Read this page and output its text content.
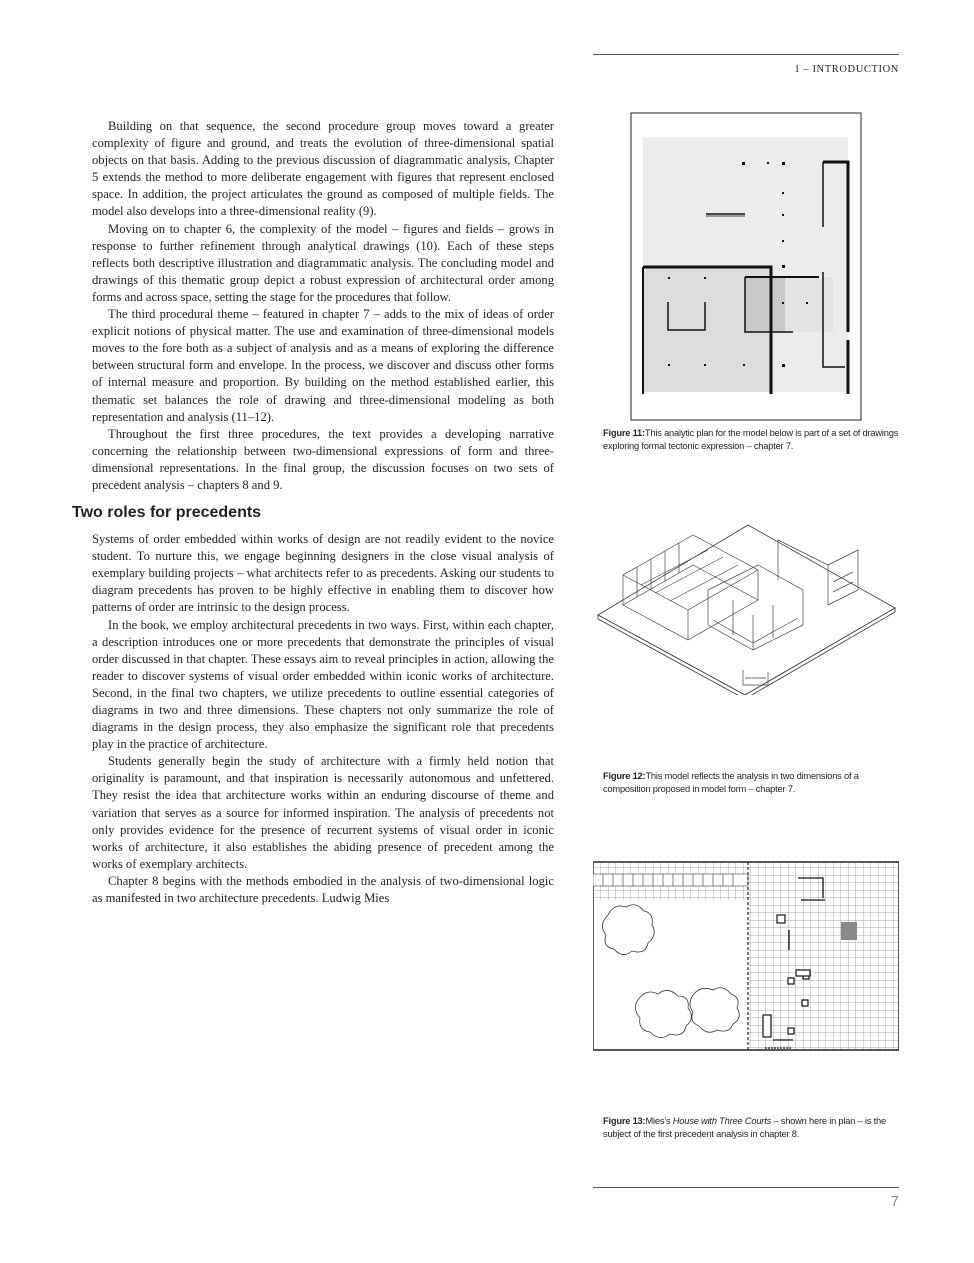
1 – INTRODUCTION

Building on that sequence, the second procedure group moves toward a greater complexity of figure and ground, and treats the evolution of three-dimensional spatial objects on that basis. Adding to the previous discussion of diagrammatic analysis, Chapter 5 extends the method to more deliberate engagement with figures that represent enclosed space. In addition, the project articulates the ground as composed of multiple fields. The model also develops into a three-dimensional reality (9).

Moving on to chapter 6, the complexity of the model – figures and fields – grows in response to further refinement through analytical drawings (10). Each of these steps reflects both descriptive illustration and diagrammatic analysis. The concluding model and drawings of this thematic group depict a robust expression of architectural order among forms and across space, setting the stage for the procedures that follow.

The third procedural theme – featured in chapter 7 – adds to the mix of ideas of order explicit notions of physical matter. The use and examination of three-dimensional models moves to the fore both as a subject of analysis and as a means of exploring the difference between structural form and envelope. In the process, we discover and discuss other forms of internal measure and proportion. By building on the method established earlier, this thematic set balances the role of drawing and three-dimensional modeling as both representation and analysis (11–12).

Throughout the first three procedures, the text provides a developing narrative concerning the relationship between two-dimensional expressions of form and three-dimensional representations. In the final group, the discussion focuses on two sets of precedent analysis – chapters 8 and 9.

Two roles for precedents

Systems of order embedded within works of design are not readily evident to the novice student. To nurture this, we engage beginning designers in the close visual analysis of exemplary building projects – what architects refer to as precedents. Asking our students to diagram precedents has proven to be highly effective in enabling them to discover how patterns of order are intrinsic to the design process.

In the book, we employ architectural precedents in two ways. First, within each chapter, a description introduces one or more precedents that demonstrate the principles of visual order discussed in that chapter. These essays aim to reveal principles in action, allowing the reader to discover systems of visual order embedded within iconic works of architecture. Second, in the final two chapters, we utilize precedents to outline essential categories of diagrams in two and three dimensions. These chapters not only summarize the role of diagrams in the design process, they also emphasize the significant role that precedents play in the practice of architecture.

Students generally begin the study of architecture with a firmly held notion that originality is paramount, and that inspiration is necessarily autonomous and unfettered. They resist the idea that architecture works within an enduring discourse of theme and variation that serves as a source for informed inspiration. The analysis of precedents not only provides evidence for the presence of recurrent systems of visual order in iconic works of architecture, it also establishes the abiding presence of precedent among the works of exemplary architects.

Chapter 8 begins with the methods embodied in the analysis of two-dimensional logic as manifested in two architecture precedents. Ludwig Mies

Figure 11:This analytic plan for the model below is part of a set of drawings exploring formal tectonic expression – chapter 7.
Figure 12:This model reflects the analysis in two dimensions of a composition proposed in model form – chapter 7.
Figure 13:Mies’s House with Three Courts – shown here in plan – is the subject of the first precedent analysis in chapter 8.
7
